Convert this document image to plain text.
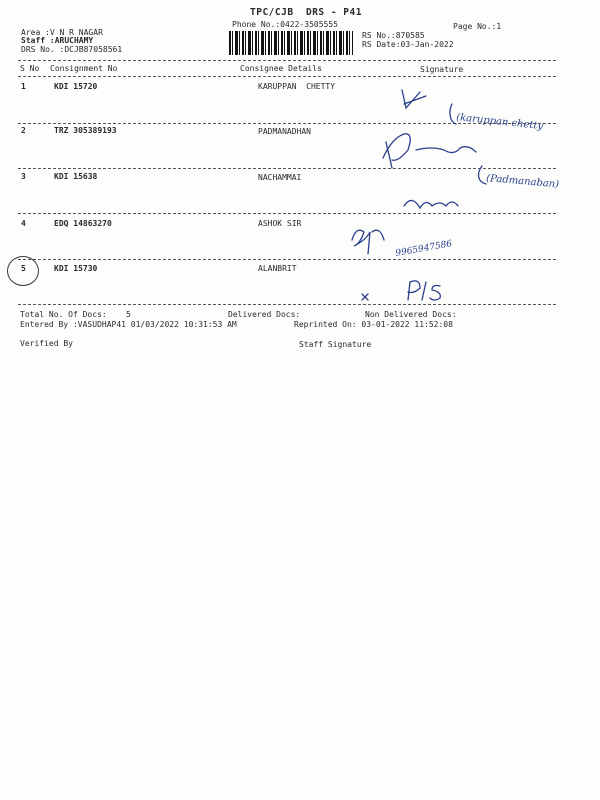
TPC/CJB  DRS - P41
Phone No.:0422-3505555	Page No.:1
Area :V N R NAGAR
Staff :ARUCHAMY
DRS No. :DCJB87058561
RS No.:870585
RS Date:03-Jan-2022
S No Consignment No	Consignee Details	Signature
1	KDI 15720	KARUPPAN  CHETTY
2	TRZ 305389193	PADMANADHAN
3	KDI 15638	NACHAMMAI
4	EDQ 14863270	ASHOK SIR
5	KDI 15730	ALANBRIT
Total No. Of Docs:    5	Delivered Docs:	Non Delivered Docs:
Entered By :VASUDHAP41 01/03/2022 10:31:53 AM	Reprinted On: 03-01-2022 11:52:08
Verified By	Staff Signature
(karuppan chetty
(Padmanaban)
9965947586
